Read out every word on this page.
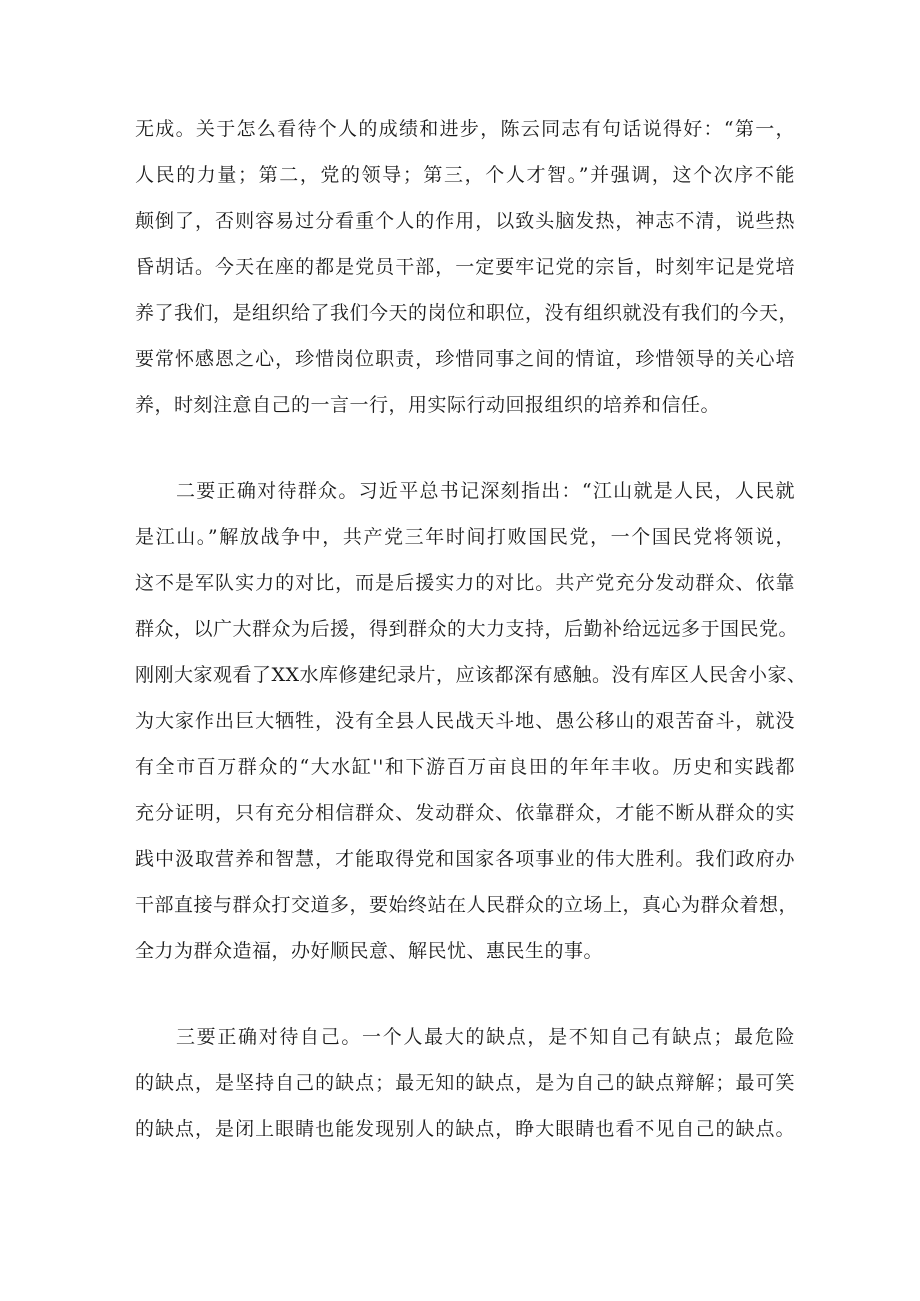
无成。关于怎么看待个人的成绩和进步，陈云同志有句话说得好：“第一，
人民的力量；第二，党的领导；第三，个人才智。”并强调，这个次序不能
颠倒了，否则容易过分看重个人的作用，以致头脑发热，神志不清，说些热
昏胡话。今天在座的都是党员干部，一定要牢记党的宗旨，时刻牢记是党培
养了我们，是组织给了我们今天的岗位和职位，没有组织就没有我们的今天，
要常怀感恩之心，珍惜岗位职责，珍惜同事之间的情谊，珍惜领导的关心培
养，时刻注意自己的一言一行，用实际行动回报组织的培养和信任。
二要正确对待群众。习近平总书记深刻指出：“江山就是人民，人民就
是江山。”解放战争中，共产党三年时间打败国民党，一个国民党将领说，
这不是军队实力的对比，而是后援实力的对比。共产党充分发动群众、依靠
群众，以广大群众为后援，得到群众的大力支持，后勤补给远远多于国民党。
刚刚大家观看了XX水库修建纪录片，应该都深有感触。没有库区人民舍小家、
为大家作出巨大牺牲，没有全县人民战天斗地、愚公移山的艰苦奋斗，就没
有全市百万群众的“大水缸''和下游百万亩良田的年年丰收。历史和实践都
充分证明，只有充分相信群众、发动群众、依靠群众，才能不断从群众的实
践中汲取营养和智慧，才能取得党和国家各项事业的伟大胜利。我们政府办
干部直接与群众打交道多，要始终站在人民群众的立场上，真心为群众着想，
全力为群众造福，办好顺民意、解民忧、惠民生的事。
三要正确对待自己。一个人最大的缺点，是不知自己有缺点；最危险
的缺点，是坚持自己的缺点；最无知的缺点，是为自己的缺点辩解；最可笑
的缺点，是闭上眼睛也能发现别人的缺点，睁大眼睛也看不见自己的缺点。
